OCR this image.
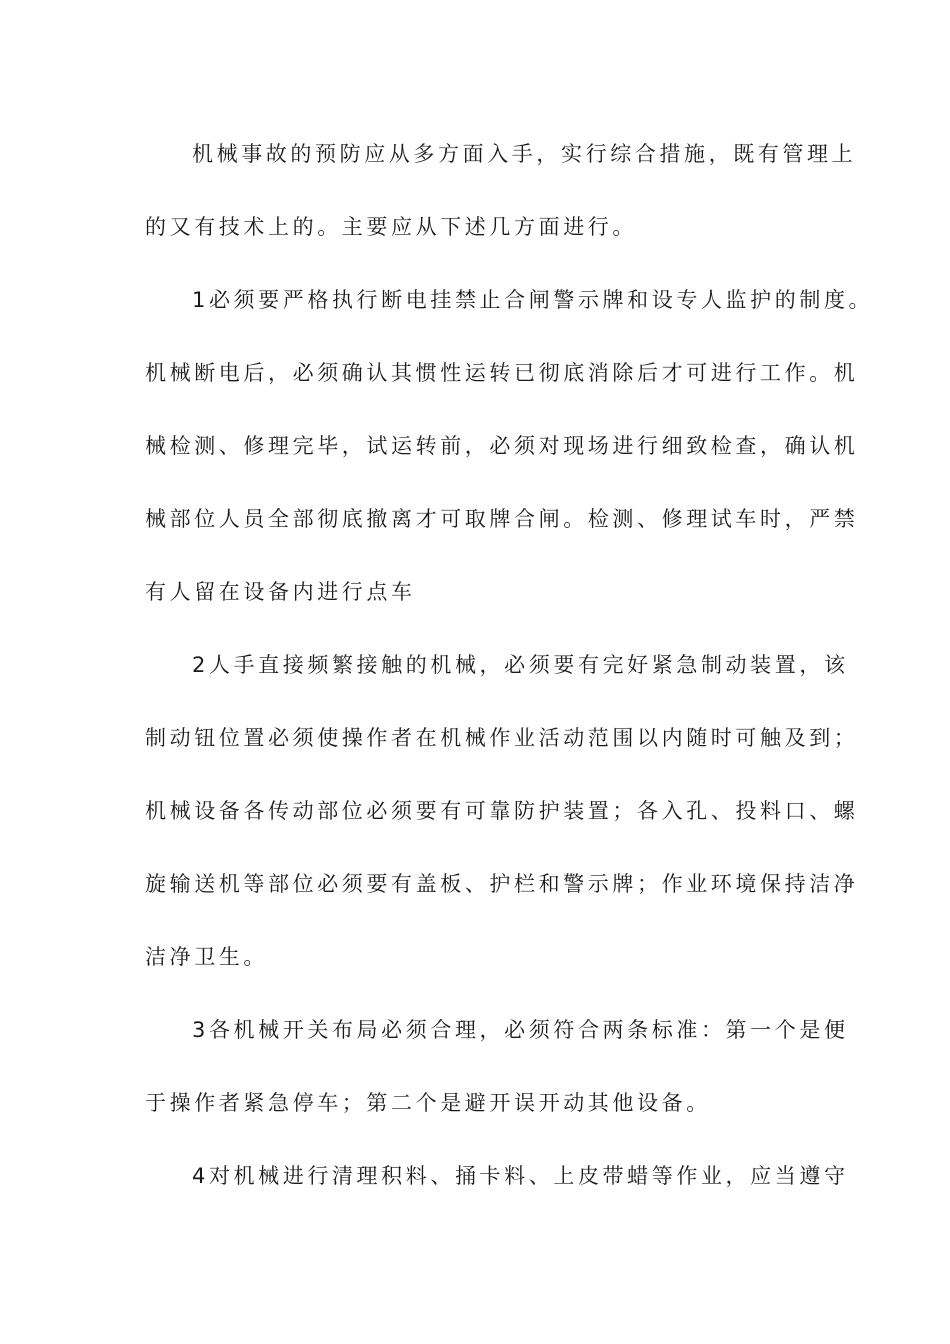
机械事故的预防应从多方面入手，实行综合措施，既有管理上
的又有技术上的。主要应从下述几方面进行。
1必须要严格执行断电挂禁止合闸警示牌和设专人监护的制度。
机械断电后，必须确认其惯性运转已彻底消除后才可进行工作。机
械检测、修理完毕，试运转前，必须对现场进行细致检查，确认机
械部位人员全部彻底撤离才可取牌合闸。检测、修理试车时，严禁
有人留在设备内进行点车
2人手直接频繁接触的机械，必须要有完好紧急制动装置，该
制动钮位置必须使操作者在机械作业活动范围以内随时可触及到；
机械设备各传动部位必须要有可靠防护装置；各入孔、投料口、螺
旋输送机等部位必须要有盖板、护栏和警示牌；作业环境保持洁净
洁净卫生。
3各机械开关布局必须合理，必须符合两条标准：第一个是便
于操作者紧急停车；第二个是避开误开动其他设备。
4对机械进行清理积料、捅卡料、上皮带蜡等作业，应当遵守
